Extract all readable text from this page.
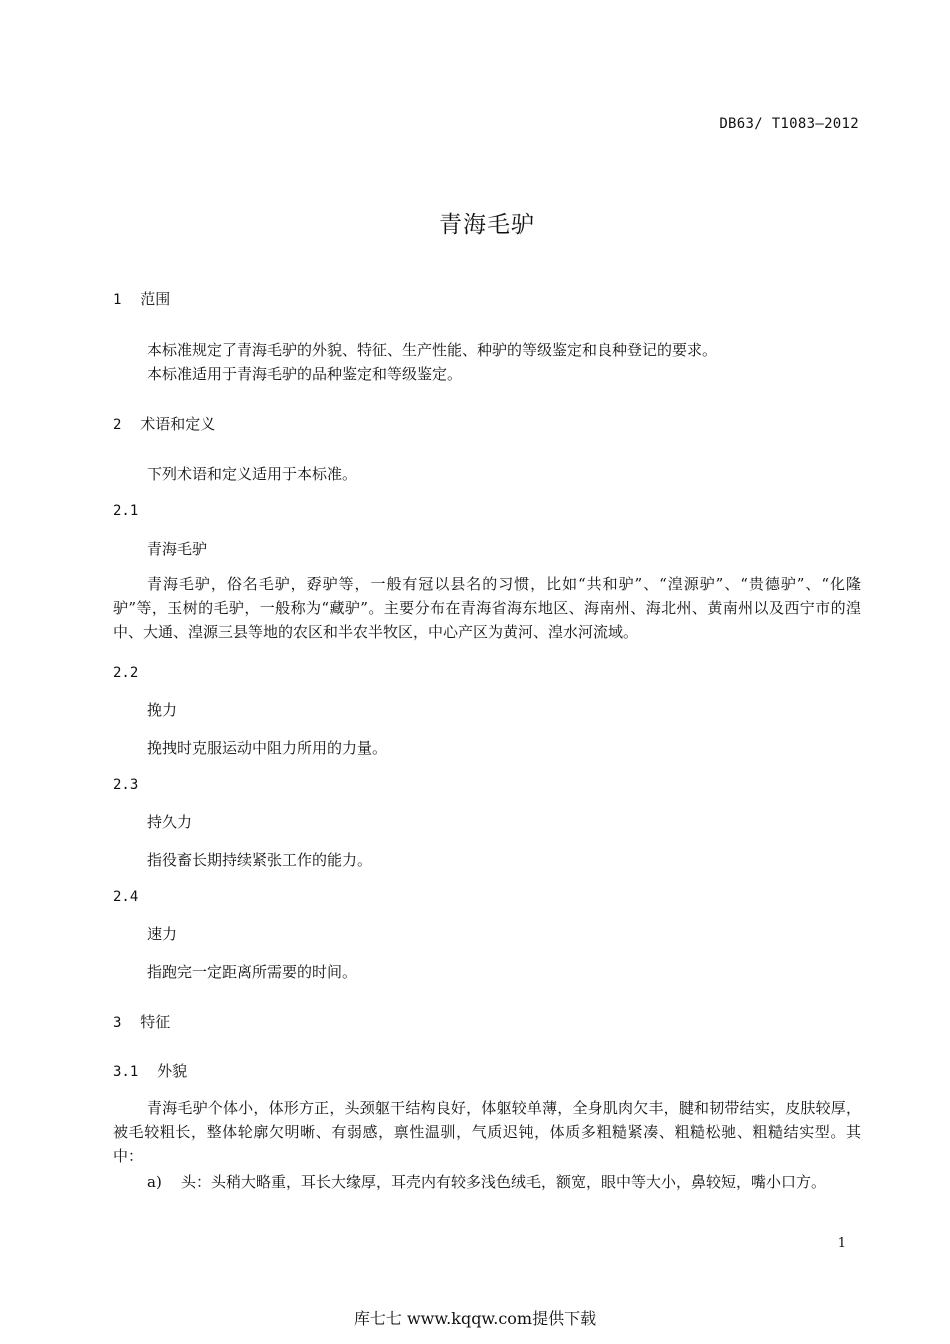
DB63/ T1083—2012
青海毛驴
1 范围
本标准规定了青海毛驴的外貌、特征、生产性能、种驴的等级鉴定和良种登记的要求。
本标准适用于青海毛驴的品种鉴定和等级鉴定。
2 术语和定义
下列术语和定义适用于本标准。
2.1
青海毛驴
青海毛驴，俗名毛驴，孬驴等，一般有冠以县名的习惯，比如“共和驴”、“湟源驴”、“贵德驴”、“化隆驴”等，玉树的毛驴，一般称为“藏驴”。主要分布在青海省海东地区、海南州、海北州、黄南州以及西宁市的湟中、大通、湟源三县等地的农区和半农半牧区，中心产区为黄河、湟水河流域。
2.2
挽力
挽拽时克服运动中阻力所用的力量。
2.3
持久力
指役畜长期持续紧张工作的能力。
2.4
速力
指跑完一定距离所需要的时间。
3 特征
3.1 外貌
青海毛驴个体小，体形方正，头颈躯干结构良好，体躯较单薄，全身肌肉欠丰，腱和韧带结实，皮肤较厚，被毛较粗长，整体轮廓欠明晰、有弱感，禀性温驯，气质迟钝，体质多粗糙紧凑、粗糙松驰、粗糙结实型。其中：
a) 头：头稍大略重，耳长大缘厚，耳壳内有较多浅色绒毛，额宽，眼中等大小，鼻较短，嘴小口方。
1
库七七 www.kqqw.com提供下载
